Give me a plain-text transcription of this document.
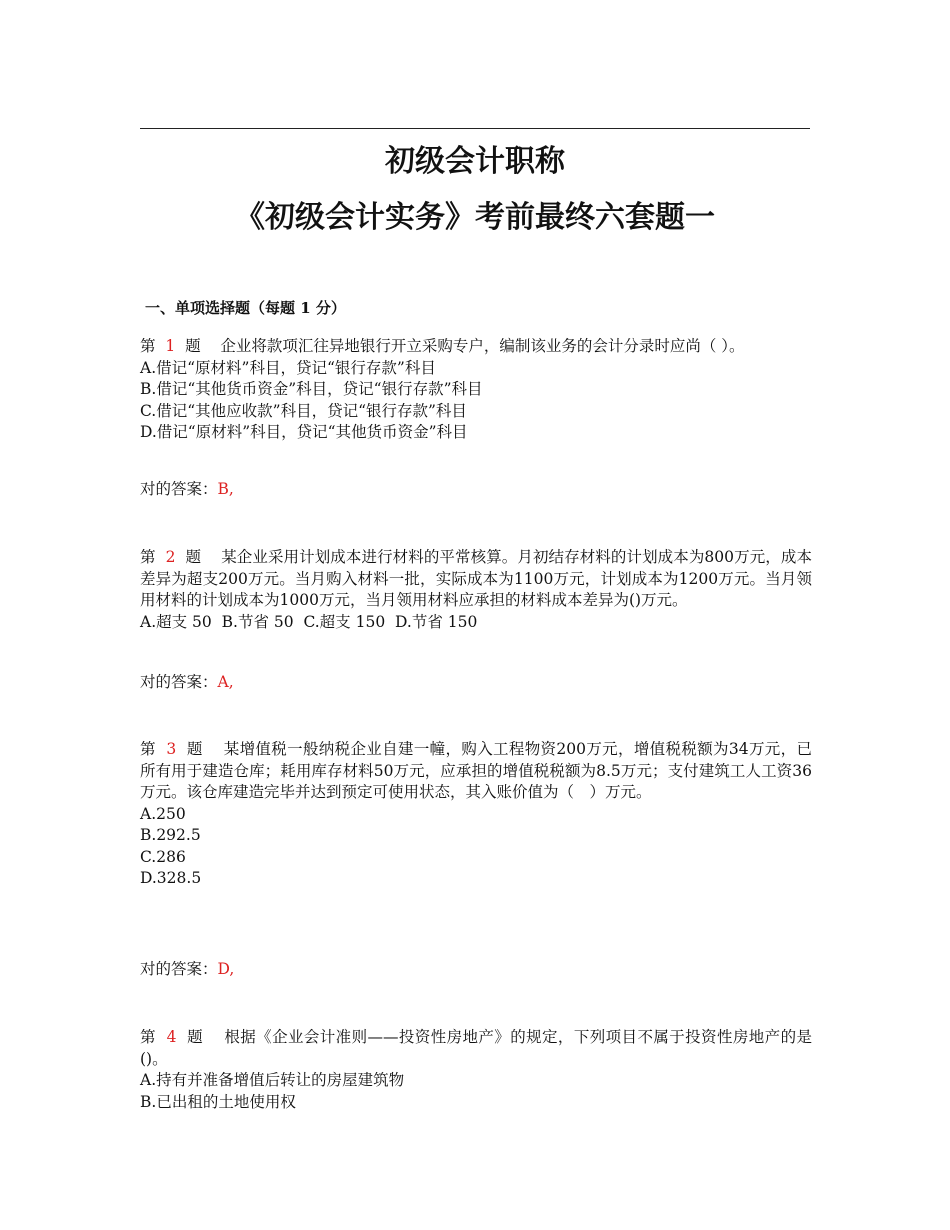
初级会计职称
《初级会计实务》考前最终六套题一
一、单项选择题（每题 1 分）

第 1 题 企业将款项汇往异地银行开立采购专户，编制该业务的会计分录时应尚（ ）。

A.借记“原材料”科目，贷记“银行存款”科目

B.借记“其他货币资金”科目，贷记“银行存款”科目

C.借记“其他应收款”科目，贷记“银行存款”科目

D.借记“原材料”科目，贷记“其他货币资金”科目

对的答案：B,

第 2 题 某企业采用计划成本进行材料的平常核算。月初结存材料的计划成本为800万元，成本差异为超支200万元。当月购入材料一批，实际成本为1100万元，计划成本为1200万元。当月领用材料的计划成本为1000万元，当月领用材料应承担的材料成本差异为()万元。

A.超支 50  B.节省 50  C.超支 150  D.节省 150

对的答案：A,

第 3 题 某增值税一般纳税企业自建一幢，购入工程物资200万元，增值税税额为34万元，已所有用于建造仓库；耗用库存材料50万元，应承担的增值税税额为8.5万元；支付建筑工人工资36万元。该仓库建造完毕并达到预定可使用状态，其入账价值为（　）万元。

A.250

B.292.5

C.286

D.328.5

对的答案：D,

第 4 题 根据《企业会计准则——投资性房地产》的规定，下列项目不属于投资性房地产的是()。

A.持有并准备增值后转让的房屋建筑物

B.已出租的土地使用权
